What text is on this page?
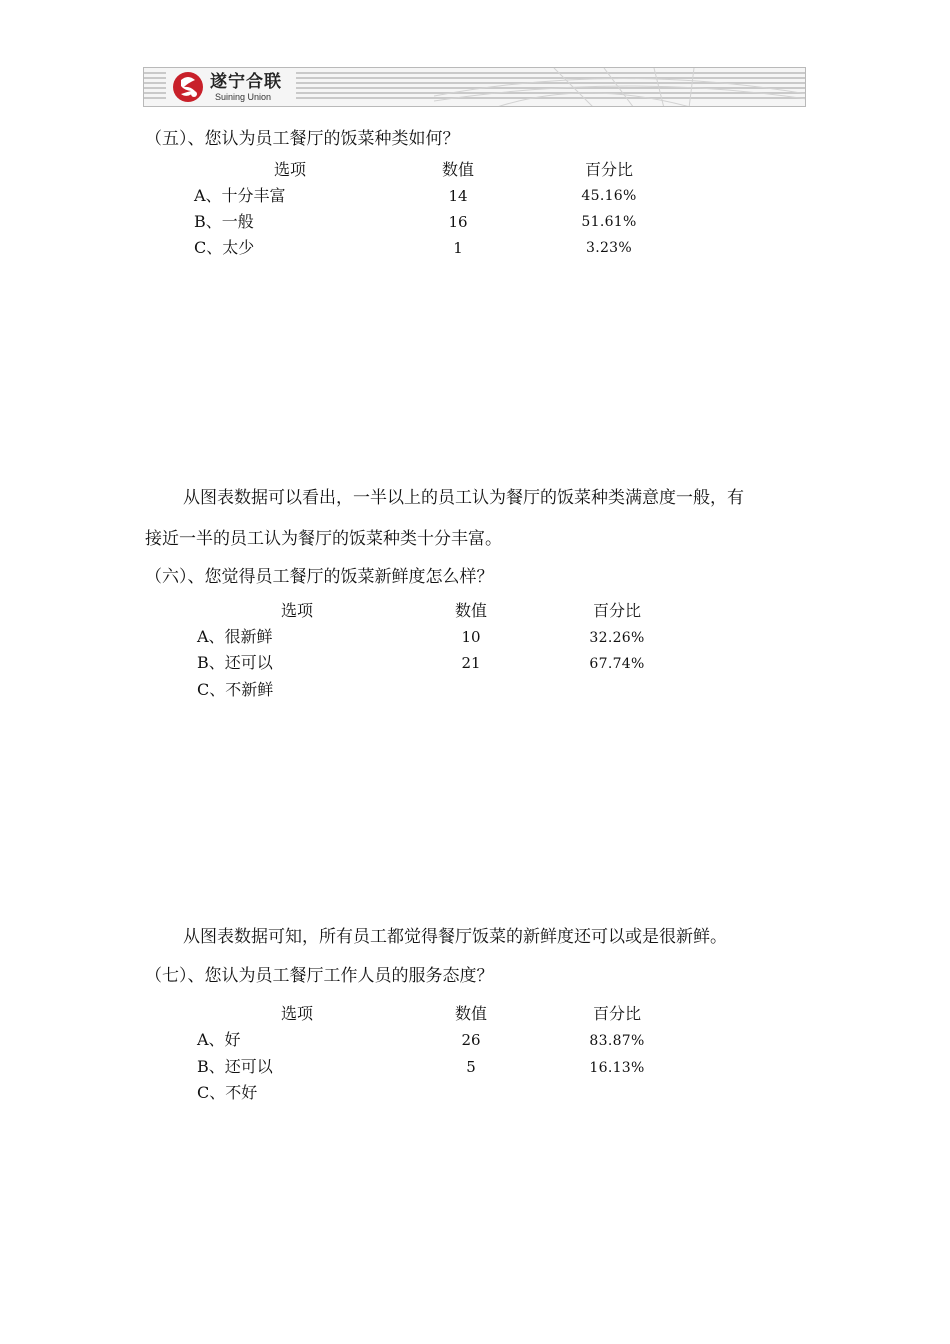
遂宁合联
Suining Union
（五）、您认为员工餐厅的饭菜种类如何？
选项	数值	百分比
A、十分丰富	14	45.16%
B、一般	16	51.61%
C、太少	1	3.23%
从图表数据可以看出，一半以上的员工认为餐厅的饭菜种类满意度一般，有
接近一半的员工认为餐厅的饭菜种类十分丰富。
（六）、您觉得员工餐厅的饭菜新鲜度怎么样？
选项	数值	百分比
A、很新鲜	10	32.26%
B、还可以	21	67.74%
C、不新鲜
从图表数据可知，所有员工都觉得餐厅饭菜的新鲜度还可以或是很新鲜。
（七）、您认为员工餐厅工作人员的服务态度？
选项	数值	百分比
A、好	26	83.87%
B、还可以	5	16.13%
C、不好
